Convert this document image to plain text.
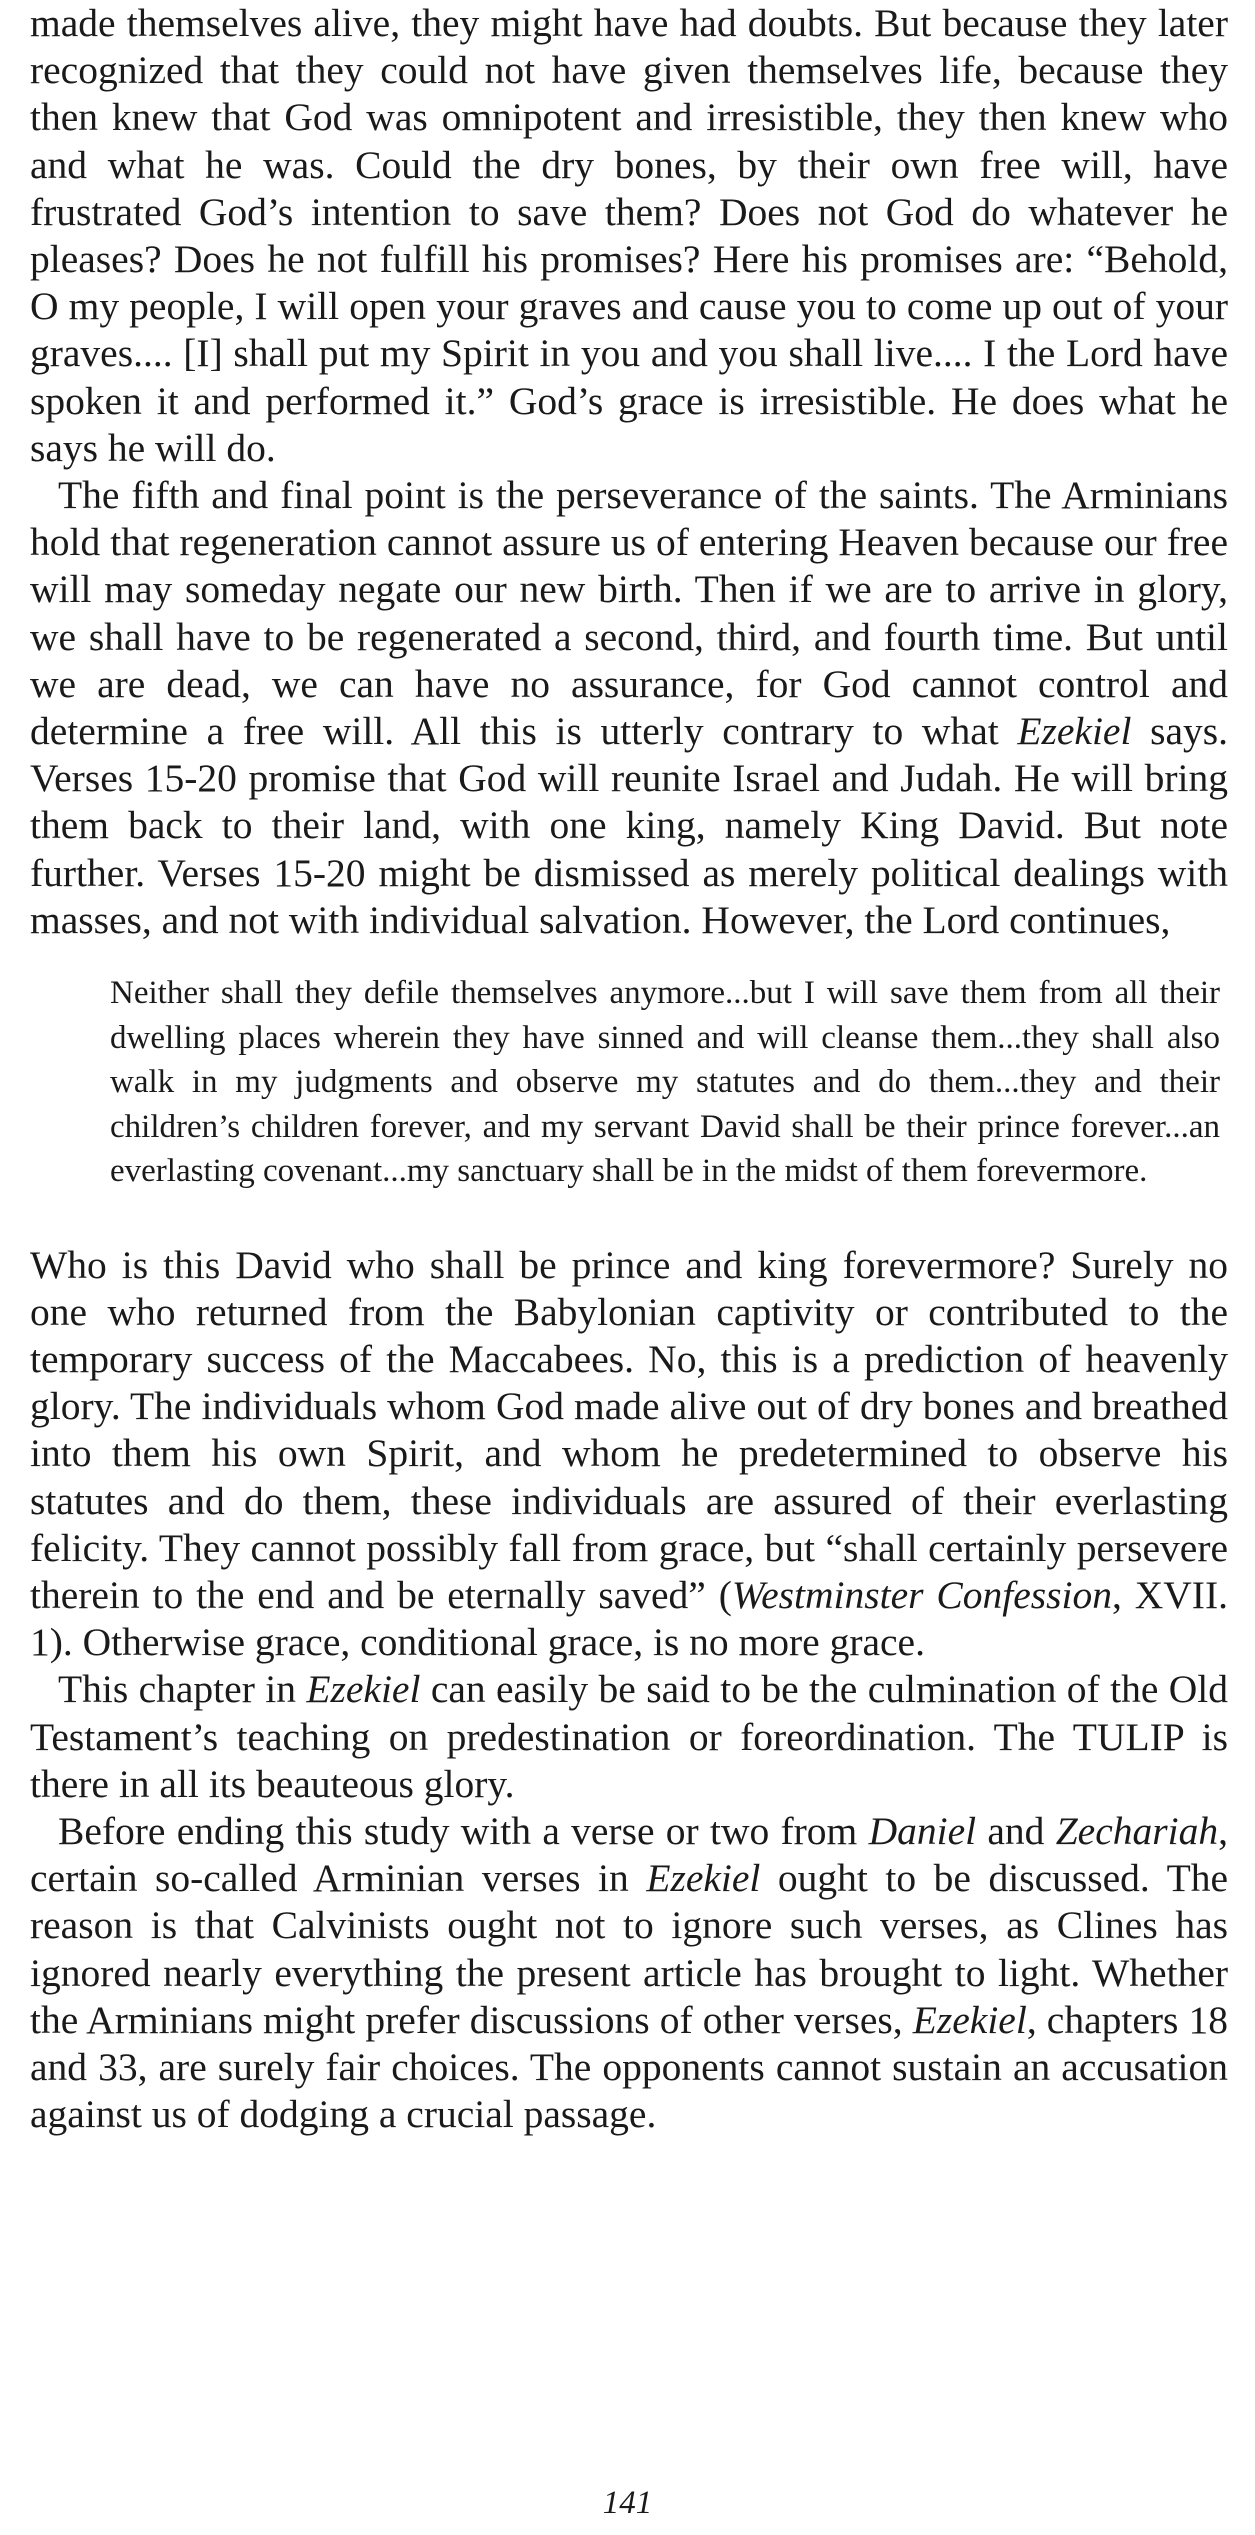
made themselves alive, they might have had doubts. But because they later recognized that they could not have given themselves life, because they then knew that God was omnipotent and irresistible, they then knew who and what he was. Could the dry bones, by their own free will, have frustrated God’s intention to save them? Does not God do whatever he pleases? Does he not fulfill his promises? Here his promises are: “Behold, O my people, I will open your graves and cause you to come up out of your graves.... [I] shall put my Spirit in you and you shall live.... I the Lord have spoken it and performed it.” God’s grace is irresistible. He does what he says he will do.

The fifth and final point is the perseverance of the saints. The Arminians hold that regeneration cannot assure us of entering Heaven because our free will may someday negate our new birth. Then if we are to arrive in glory, we shall have to be regenerated a second, third, and fourth time. But until we are dead, we can have no assurance, for God cannot control and determine a free will. All this is utterly contrary to what Ezekiel says. Verses 15-20 promise that God will reunite Israel and Judah. He will bring them back to their land, with one king, namely King David. But note further. Verses 15-20 might be dismissed as merely political dealings with masses, and not with individual salvation. However, the Lord continues,

Neither shall they defile themselves anymore...but I will save them from all their dwelling places wherein they have sinned and will cleanse them...they shall also walk in my judgments and observe my statutes and do them...they and their children’s children forever, and my servant David shall be their prince forever...an everlasting covenant...my sanctuary shall be in the midst of them forevermore.

Who is this David who shall be prince and king forevermore? Surely no one who returned from the Babylonian captivity or contributed to the temporary success of the Maccabees. No, this is a prediction of heavenly glory. The individuals whom God made alive out of dry bones and breathed into them his own Spirit, and whom he predetermined to observe his statutes and do them, these individuals are assured of their everlasting felicity. They cannot possibly fall from grace, but “shall certainly persevere therein to the end and be eternally saved” (Westminster Confession, XVII. 1). Otherwise grace, conditional grace, is no more grace.

This chapter in Ezekiel can easily be said to be the culmination of the Old Testament’s teaching on predestination or foreordination. The TULIP is there in all its beauteous glory.

Before ending this study with a verse or two from Daniel and Zechariah, certain so-called Arminian verses in Ezekiel ought to be discussed. The reason is that Calvinists ought not to ignore such verses, as Clines has ignored nearly everything the present article has brought to light. Whether the Arminians might prefer discussions of other verses, Ezekiel, chapters 18 and 33, are surely fair choices. The opponents cannot sustain an accusation against us of dodging a crucial passage.

141
